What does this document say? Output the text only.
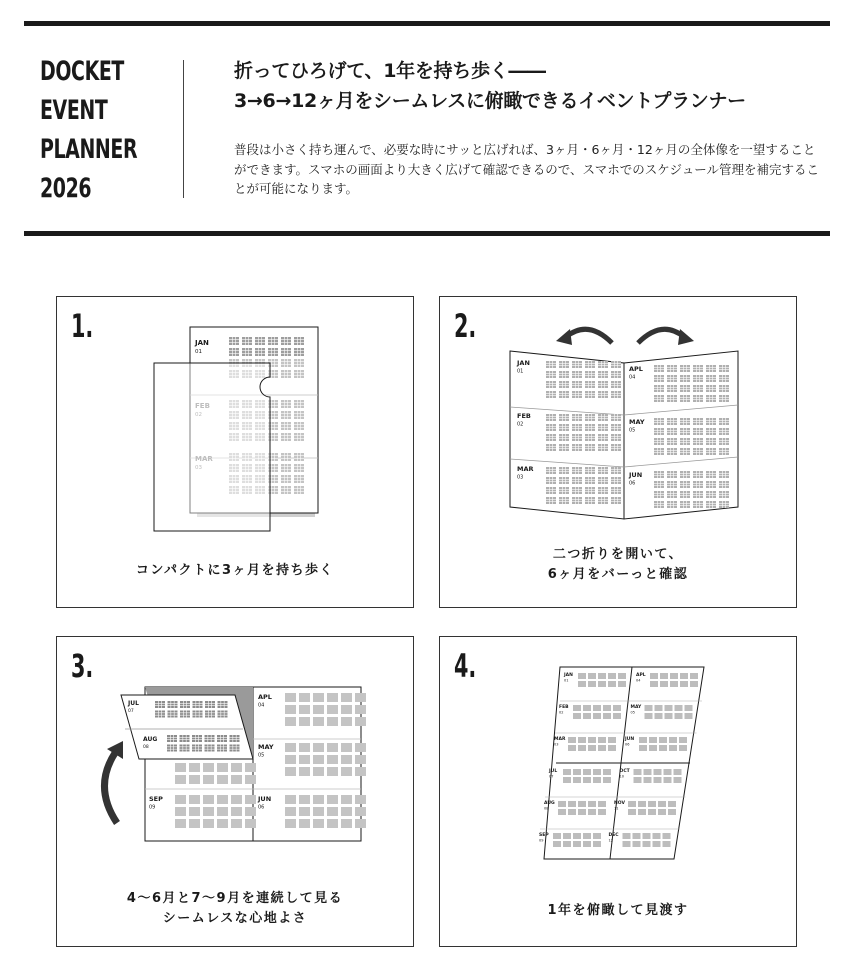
DOCKET
EVENT
PLANNER
2026
折ってひろげて、1年を持ち歩く――
3→6→12ヶ月をシームレスに俯瞰できるイベントプランナー

普段は小さく持ち運んで、必要な時にサッと広げれば、3ヶ月・6ヶ月・12ヶ月の全体像を一望することができます。スマホの画面より大きく広げて確認できるので、スマホでのスケジュール管理を補完することが可能になります。

1.	JAN
01
コンパクトに3ヶ月を持ち歩く
2.
JAN
01	APL
04
FEB
02	MAY
05
MAR
03	JUN
06
二つ折りを開いて、
6ヶ月をバーっと確認
3.
APL
04
MAY
05
JUN
06
SEP
09
JUL
07
AUG
08
4～6月と7～9月を連続して見る
シームレスな心地よさ
4.	JAN
01
APL
04
FEB
02
MAY
05
MAR
03
JUN
06
JUL
07
OCT
10
AUG
08
NOV
11
SEP
09
DEC
12
1年を俯瞰して見渡す
